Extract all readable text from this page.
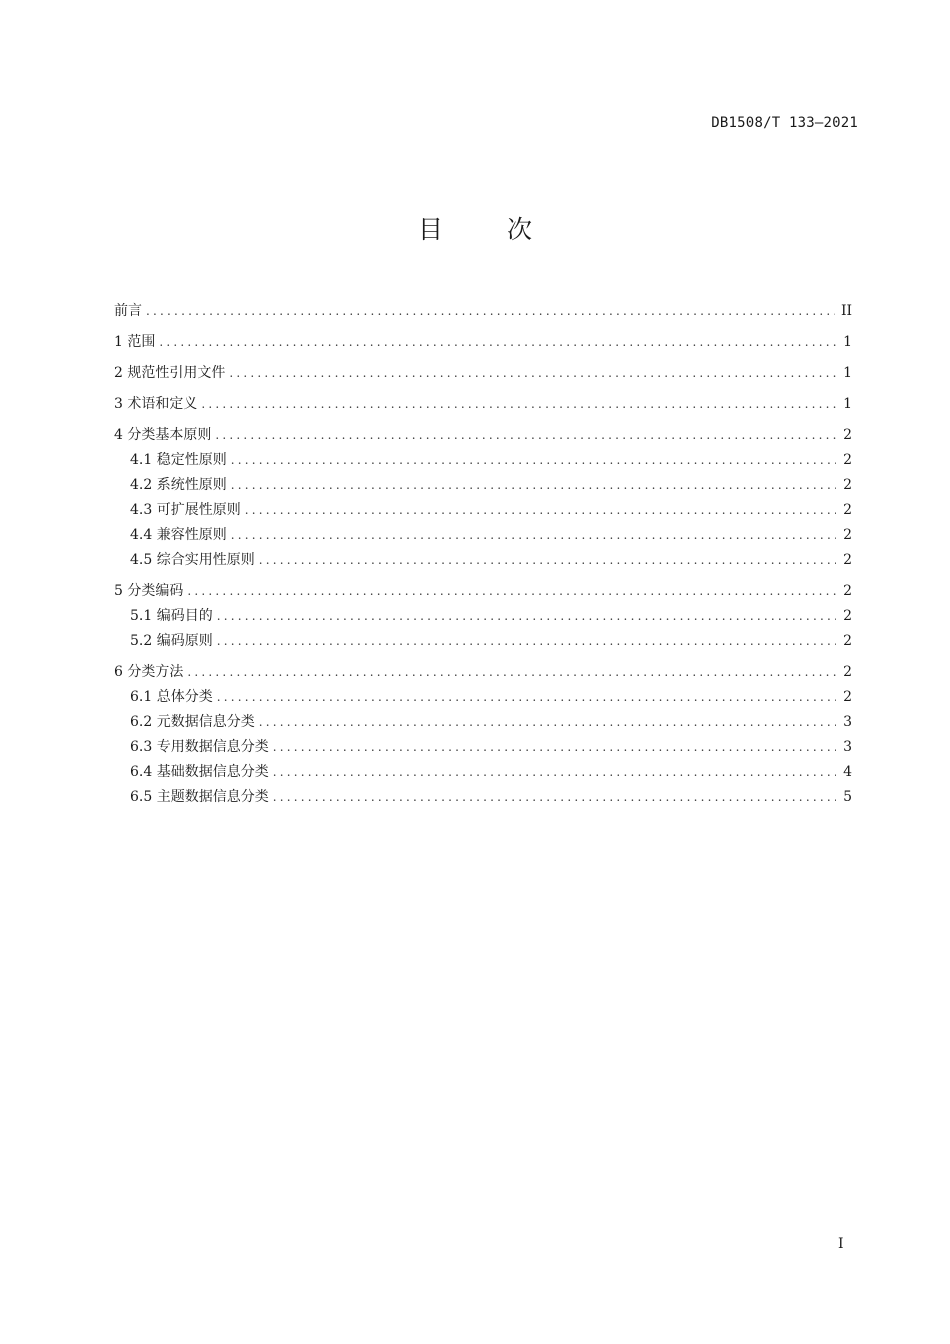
DB1508/T 133—2021
目 次
前言 .....	II
1 范围 .....	1
2 规范性引用文件 .....	1
3 术语和定义 .....	1
4 分类基本原则 .....	2
4.1 稳定性原则 .....	2
4.2 系统性原则 .....	2
4.3 可扩展性原则 .....	2
4.4 兼容性原则 .....	2
4.5 综合实用性原则 .....	2
5 分类编码 .....	2
5.1 编码目的 .....	2
5.2 编码原则 .....	2
6 分类方法 .....	2
6.1 总体分类 .....	2
6.2 元数据信息分类 .....	3
6.3 专用数据信息分类 .....	3
6.4 基础数据信息分类 .....	4
6.5 主题数据信息分类 .....	5
I
